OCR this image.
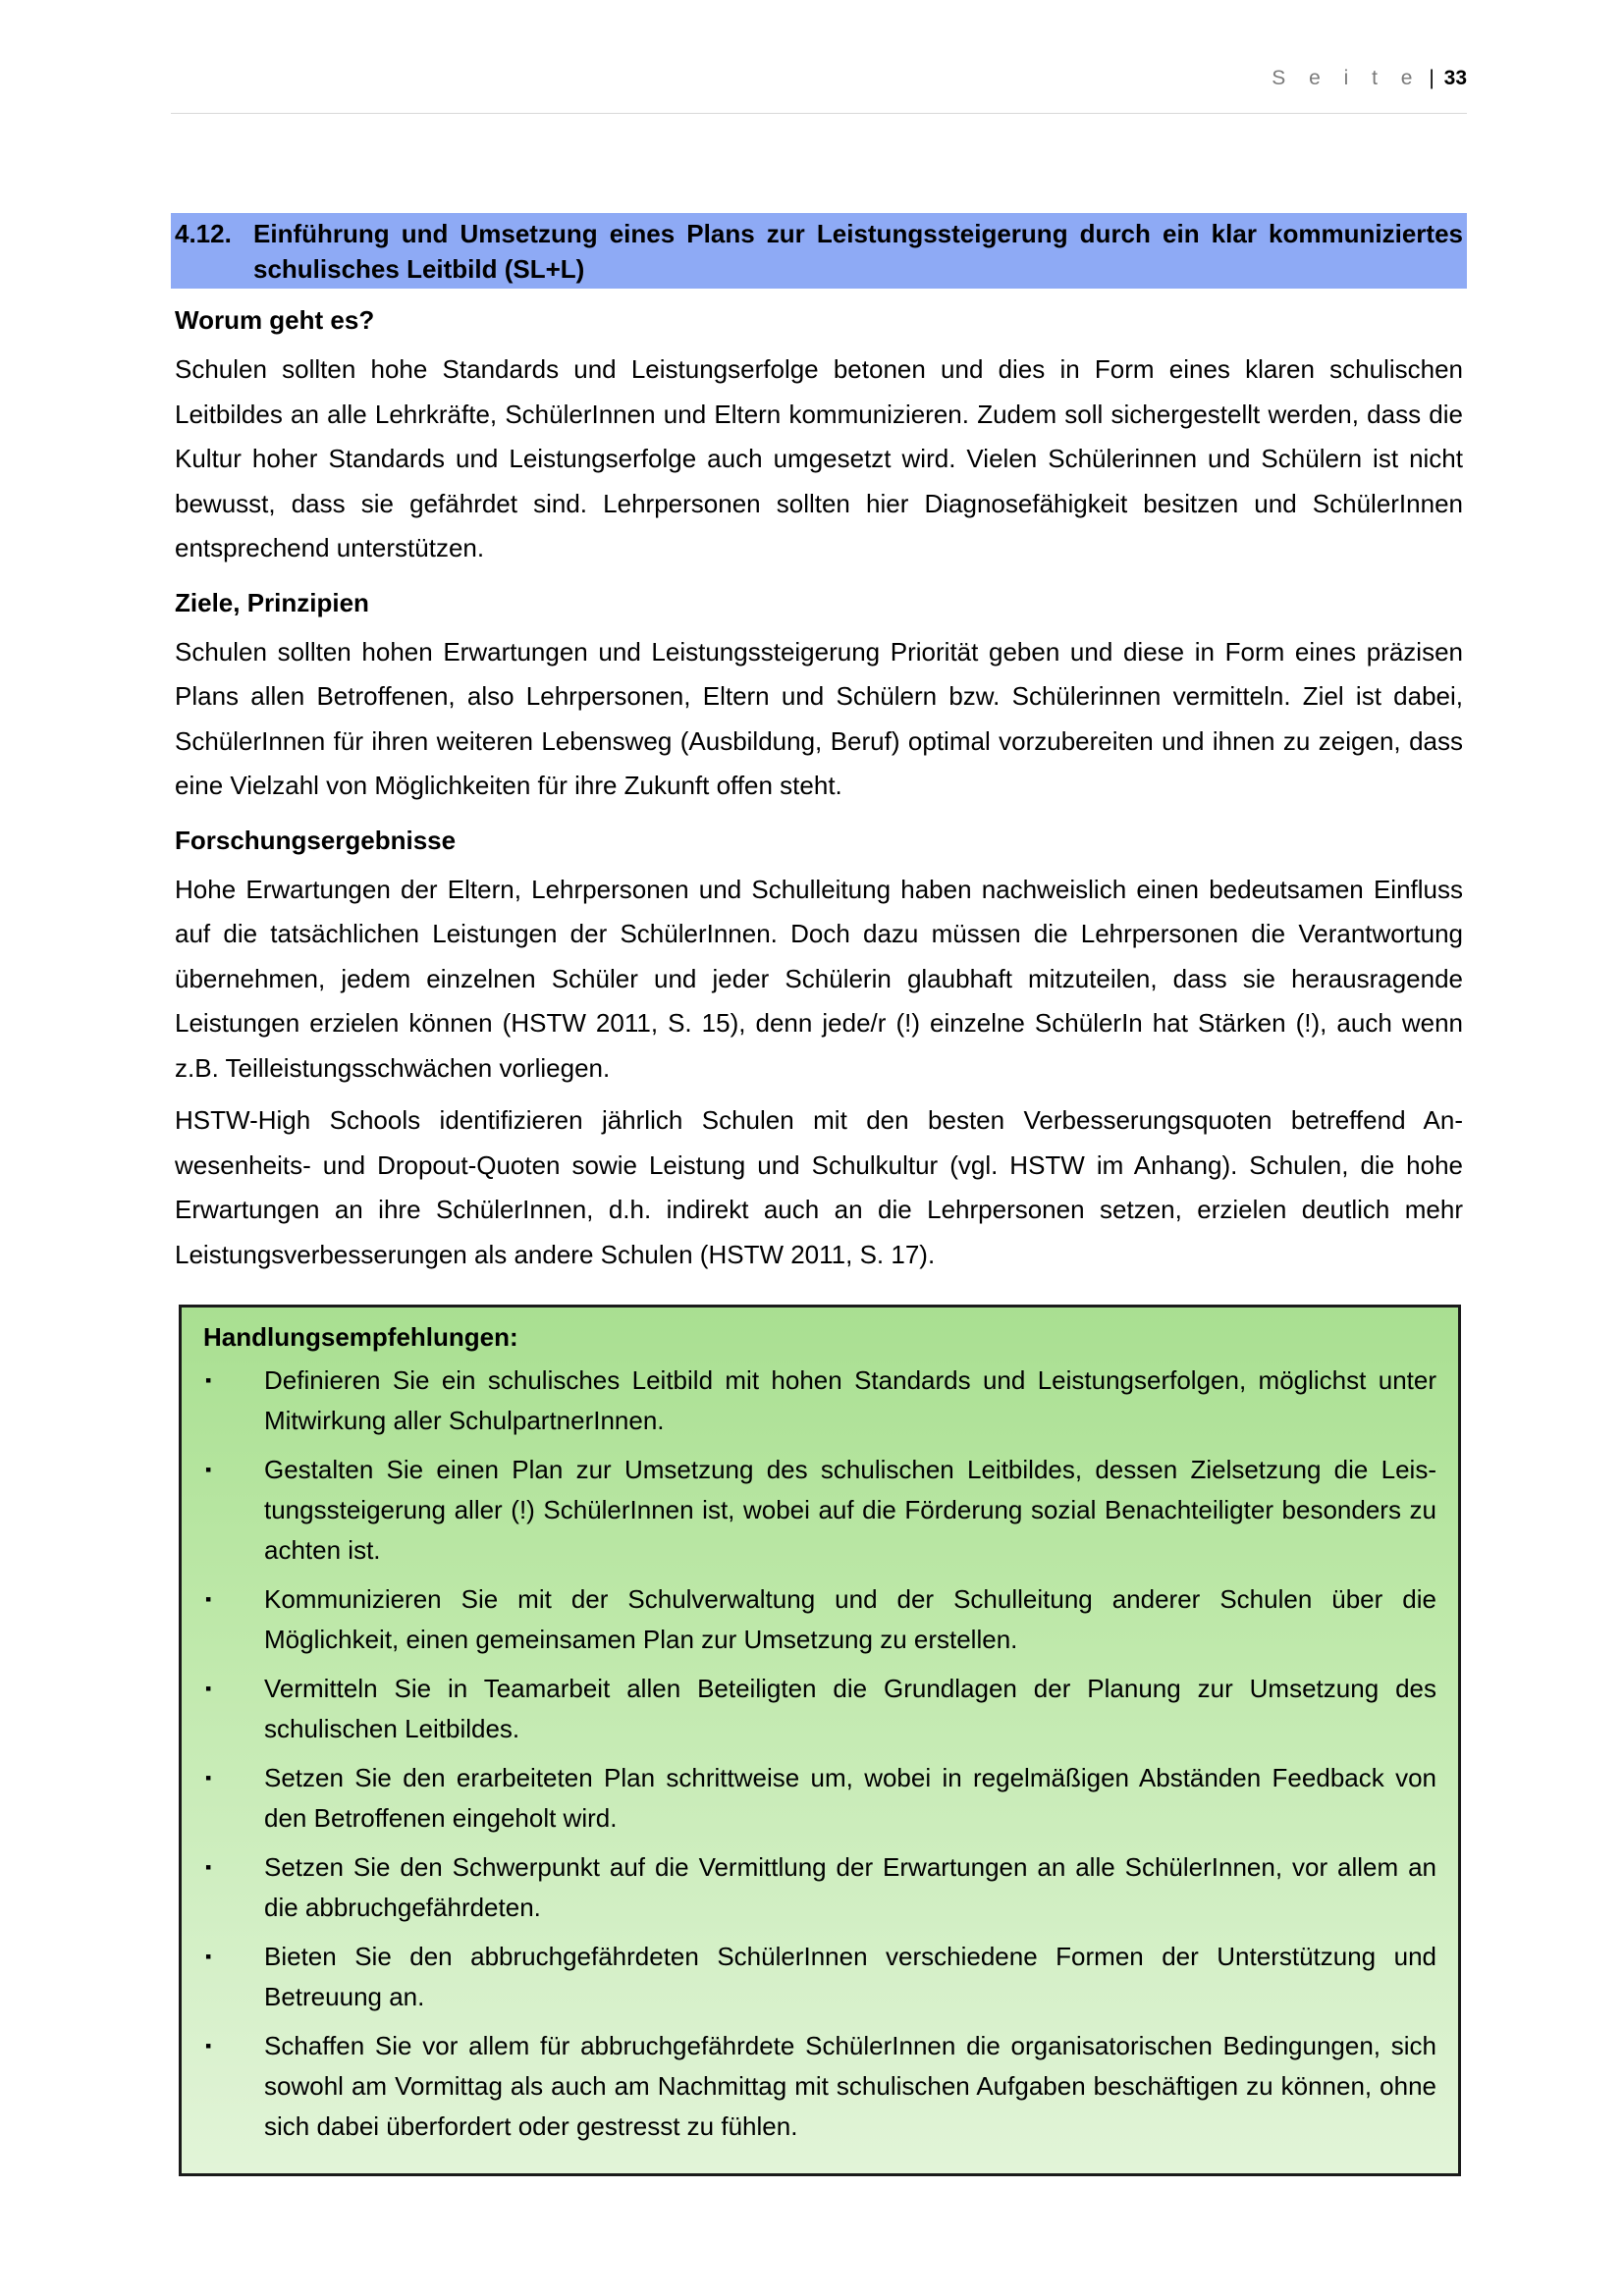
S e i t e | 33
4.12. Einführung und Umsetzung eines Plans zur Leistungssteigerung durch ein klar kommuniziertes schulisches Leitbild (SL+L)
Worum geht es?

Schulen sollten hohe Standards und Leistungserfolge betonen und dies in Form eines klaren schulischen Leitbildes an alle Lehrkräfte, SchülerInnen und Eltern kommunizieren. Zudem soll sichergestellt werden, dass die Kultur hoher Standards und Leistungserfolge auch umgesetzt wird. Vielen Schülerinnen und Schülern ist nicht bewusst, dass sie gefährdet sind. Lehrpersonen sollten hier Diagnosefähigkeit besitzen und SchülerInnen entsprechend unterstützen.

Ziele, Prinzipien

Schulen sollten hohen Erwartungen und Leistungssteigerung Priorität geben und diese in Form eines präzisen Plans allen Betroffenen, also Lehrpersonen, Eltern und Schülern bzw. Schülerinnen vermitteln. Ziel ist dabei, SchülerInnen für ihren weiteren Lebensweg (Ausbildung, Beruf) optimal vorzubereiten und ihnen zu zeigen, dass eine Vielzahl von Möglichkeiten für ihre Zukunft offen steht.

Forschungsergebnisse

Hohe Erwartungen der Eltern, Lehrpersonen und Schulleitung haben nachweislich einen bedeutsamen Einfluss auf die tatsächlichen Leistungen der SchülerInnen. Doch dazu müssen die Lehrpersonen die Verantwortung übernehmen, jedem einzelnen Schüler und jeder Schülerin glaubhaft mitzuteilen, dass sie herausragende Leistungen erzielen können (HSTW 2011, S. 15), denn jede/r (!) einzelne SchülerIn hat Stärken (!), auch wenn z.B. Teilleistungsschwächen vorliegen.

HSTW-High Schools identifizieren jährlich Schulen mit den besten Verbesserungsquoten betreffend Anwesenheits- und Dropout-Quoten sowie Leistung und Schulkultur (vgl. HSTW im Anhang). Schulen, die hohe Erwartungen an ihre SchülerInnen, d.h. indirekt auch an die Lehrpersonen setzen, erzielen deutlich mehr Leistungsverbesserungen als andere Schulen (HSTW 2011, S. 17).

Handlungsempfehlungen:
▪	Definieren Sie ein schulisches Leitbild mit hohen Standards und Leistungserfolgen, möglichst unter Mitwirkung aller SchulpartnerInnen.
▪	Gestalten Sie einen Plan zur Umsetzung des schulischen Leitbildes, dessen Zielsetzung die Leistungssteigerung aller (!) SchülerInnen ist, wobei auf die Förderung sozial Benachteiligter besonders zu achten ist.
▪	Kommunizieren Sie mit der Schulverwaltung und der Schulleitung anderer Schulen über die Möglichkeit, einen gemeinsamen Plan zur Umsetzung zu erstellen.
▪	Vermitteln Sie in Teamarbeit allen Beteiligten die Grundlagen der Planung zur Umsetzung des schulischen Leitbildes.
▪	Setzen Sie den erarbeiteten Plan schrittweise um, wobei in regelmäßigen Abständen Feedback von den Betroffenen eingeholt wird.
▪	Setzen Sie den Schwerpunkt auf die Vermittlung der Erwartungen an alle SchülerInnen, vor allem an die abbruchgefährdeten.
▪	Bieten Sie den abbruchgefährdeten SchülerInnen verschiedene Formen der Unterstützung und Betreuung an.
▪	Schaffen Sie vor allem für abbruchgefährdete SchülerInnen die organisatorischen Bedingungen, sich sowohl am Vormittag als auch am Nachmittag mit schulischen Aufgaben beschäftigen zu können, ohne sich dabei überfordert oder gestresst zu fühlen.
